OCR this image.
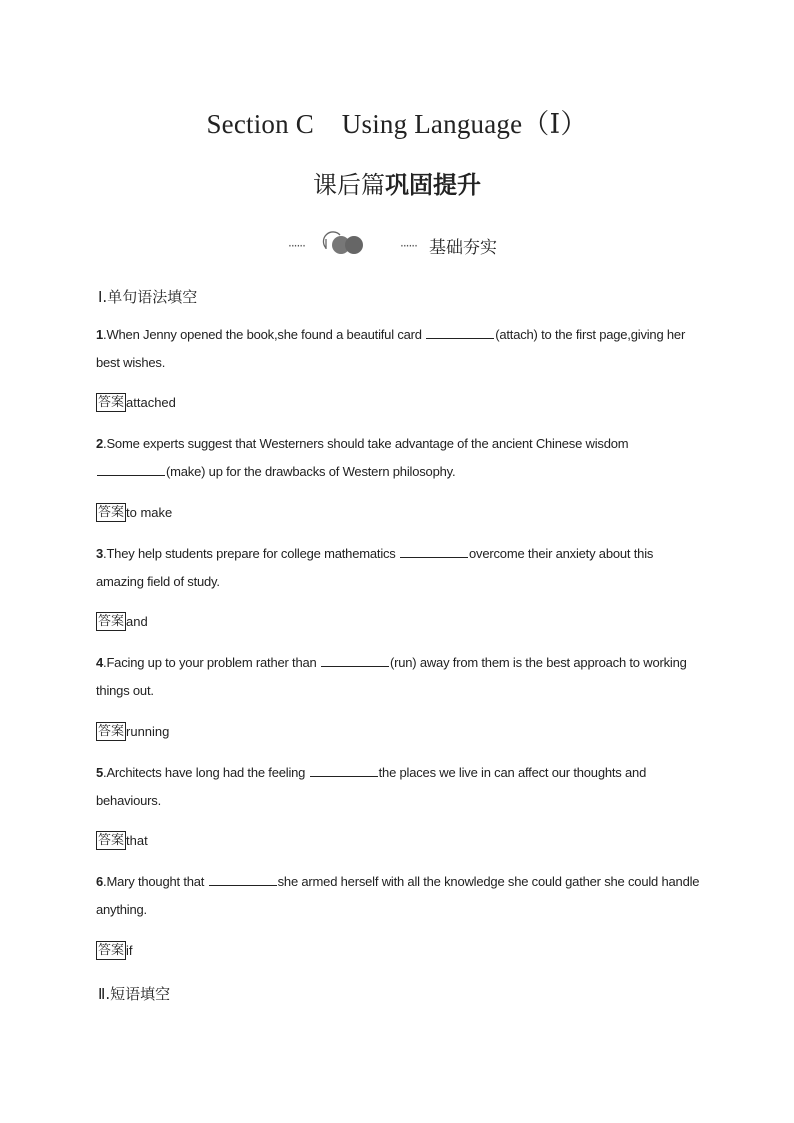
Section C    Using Language（Ⅰ）
课后篇巩固提升
······	······ 基础夯实
Ⅰ.单句语法填空
1.When Jenny opened the book,she found a beautiful card	(attach) to the first page,giving her best wishes.
答案 attached
2.Some experts suggest that Westerners should take advantage of the ancient Chinese wisdom (make) up for the drawbacks of Western philosophy.
答案 to make
3.They help students prepare for college mathematics	overcome their anxiety about this amazing field of study.
答案 and
4.Facing up to your problem rather than	(run) away from them is the best approach to working things out.
答案 running
5.Architects have long had the feeling	the places we live in can affect our thoughts and behaviours.
答案 that
6.Mary thought that	she armed herself with all the knowledge she could gather she could handle anything.
答案 if
Ⅱ.短语填空
